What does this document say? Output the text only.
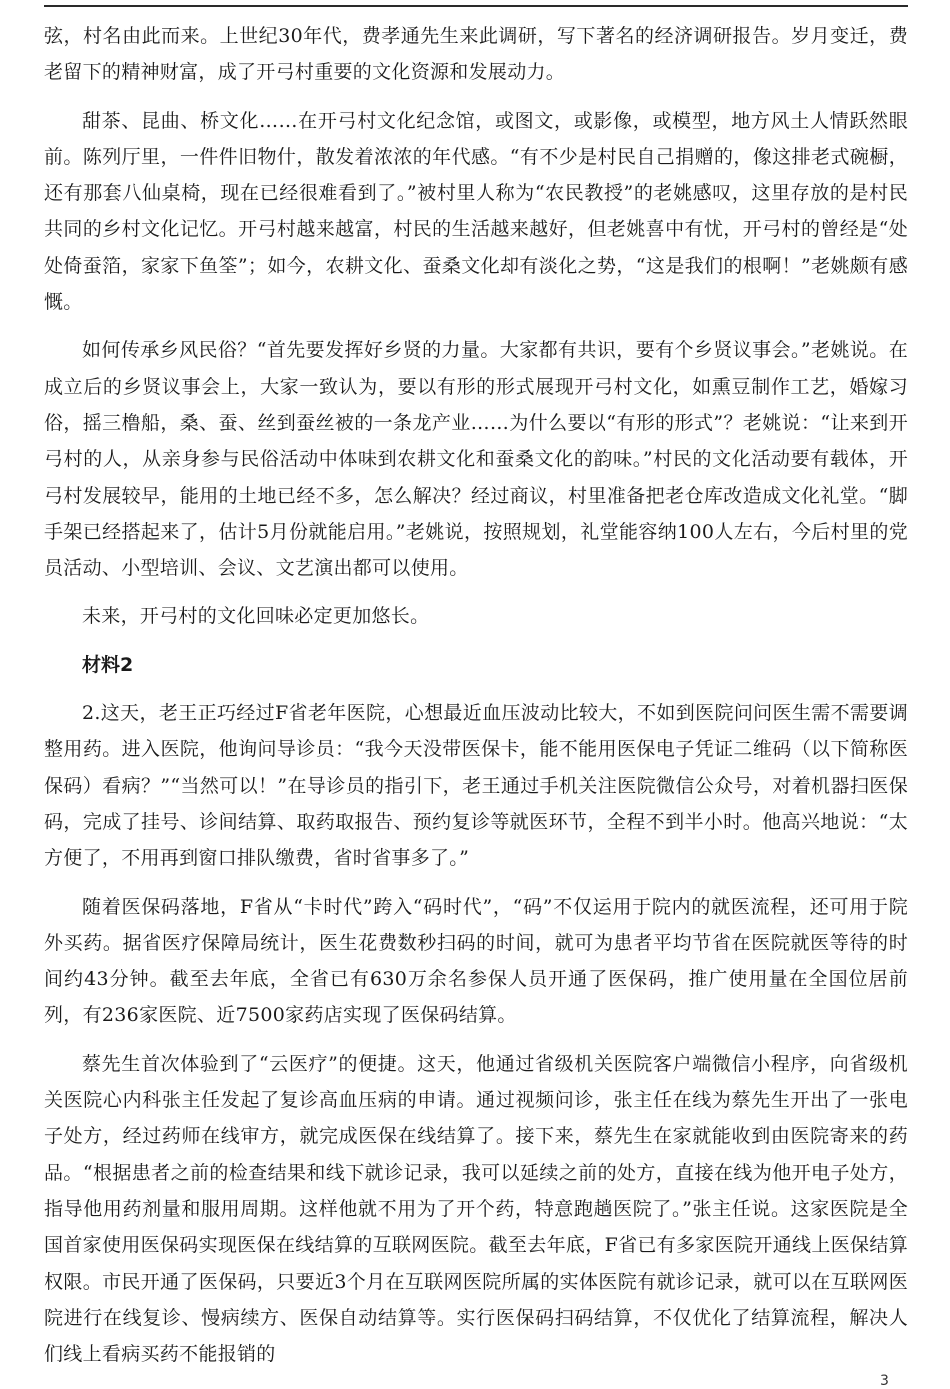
弦，村名由此而来。上世纪30年代，费孝通先生来此调研，写下著名的经济调研报告。岁月变迁，费老留下的精神财富，成了开弓村重要的文化资源和发展动力。

甜茶、昆曲、桥文化……在开弓村文化纪念馆，或图文，或影像，或模型，地方风土人情跃然眼前。陈列厅里，一件件旧物什，散发着浓浓的年代感。“有不少是村民自己捐赠的，像这排老式碗橱，还有那套八仙桌椅，现在已经很难看到了。”被村里人称为“农民教授”的老姚感叹，这里存放的是村民共同的乡村文化记忆。开弓村越来越富，村民的生活越来越好，但老姚喜中有忧，开弓村的曾经是“处处倚蚕箔，家家下鱼筌”；如今，农耕文化、蚕桑文化却有淡化之势，“这是我们的根啊！”老姚颇有感慨。

如何传承乡风民俗？“首先要发挥好乡贤的力量。大家都有共识，要有个乡贤议事会。”老姚说。在成立后的乡贤议事会上，大家一致认为，要以有形的形式展现开弓村文化，如熏豆制作工艺，婚嫁习俗，摇三橹船，桑、蚕、丝到蚕丝被的一条龙产业……为什么要以“有形的形式”？老姚说：“让来到开弓村的人，从亲身参与民俗活动中体味到农耕文化和蚕桑文化的韵味。”村民的文化活动要有载体，开弓村发展较早，能用的土地已经不多，怎么解决？经过商议，村里准备把老仓库改造成文化礼堂。“脚手架已经搭起来了，估计5月份就能启用。”老姚说，按照规划，礼堂能容纳100人左右，今后村里的党员活动、小型培训、会议、文艺演出都可以使用。

未来，开弓村的文化回味必定更加悠长。

材料2

2.这天，老王正巧经过F省老年医院，心想最近血压波动比较大，不如到医院问问医生需不需要调整用药。进入医院，他询问导诊员：“我今天没带医保卡，能不能用医保电子凭证二维码（以下简称医保码）看病？”“当然可以！”在导诊员的指引下，老王通过手机关注医院微信公众号，对着机器扫医保码，完成了挂号、诊间结算、取药取报告、预约复诊等就医环节，全程不到半小时。他高兴地说：“太方便了，不用再到窗口排队缴费，省时省事多了。”

随着医保码落地，F省从“卡时代”跨入“码时代”，“码”不仅运用于院内的就医流程，还可用于院外买药。据省医疗保障局统计，医生花费数秒扫码的时间，就可为患者平均节省在医院就医等待的时间约43分钟。截至去年底，全省已有630万余名参保人员开通了医保码，推广使用量在全国位居前列，有236家医院、近7500家药店实现了医保码结算。

蔡先生首次体验到了“云医疗”的便捷。这天，他通过省级机关医院客户端微信小程序，向省级机关医院心内科张主任发起了复诊高血压病的申请。通过视频问诊，张主任在线为蔡先生开出了一张电子处方，经过药师在线审方，就完成医保在线结算了。接下来，蔡先生在家就能收到由医院寄来的药品。“根据患者之前的检查结果和线下就诊记录，我可以延续之前的处方，直接在线为他开电子处方，指导他用药剂量和服用周期。这样他就不用为了开个药，特意跑趟医院了。”张主任说。这家医院是全国首家使用医保码实现医保在线结算的互联网医院。截至去年底，F省已有多家医院开通线上医保结算权限。市民开通了医保码，只要近3个月在互联网医院所属的实体医院有就诊记录，就可以在互联网医院进行在线复诊、慢病续方、医保自动结算等。实行医保码扫码结算，不仅优化了结算流程，解决人们线上看病买药不能报销的

3
